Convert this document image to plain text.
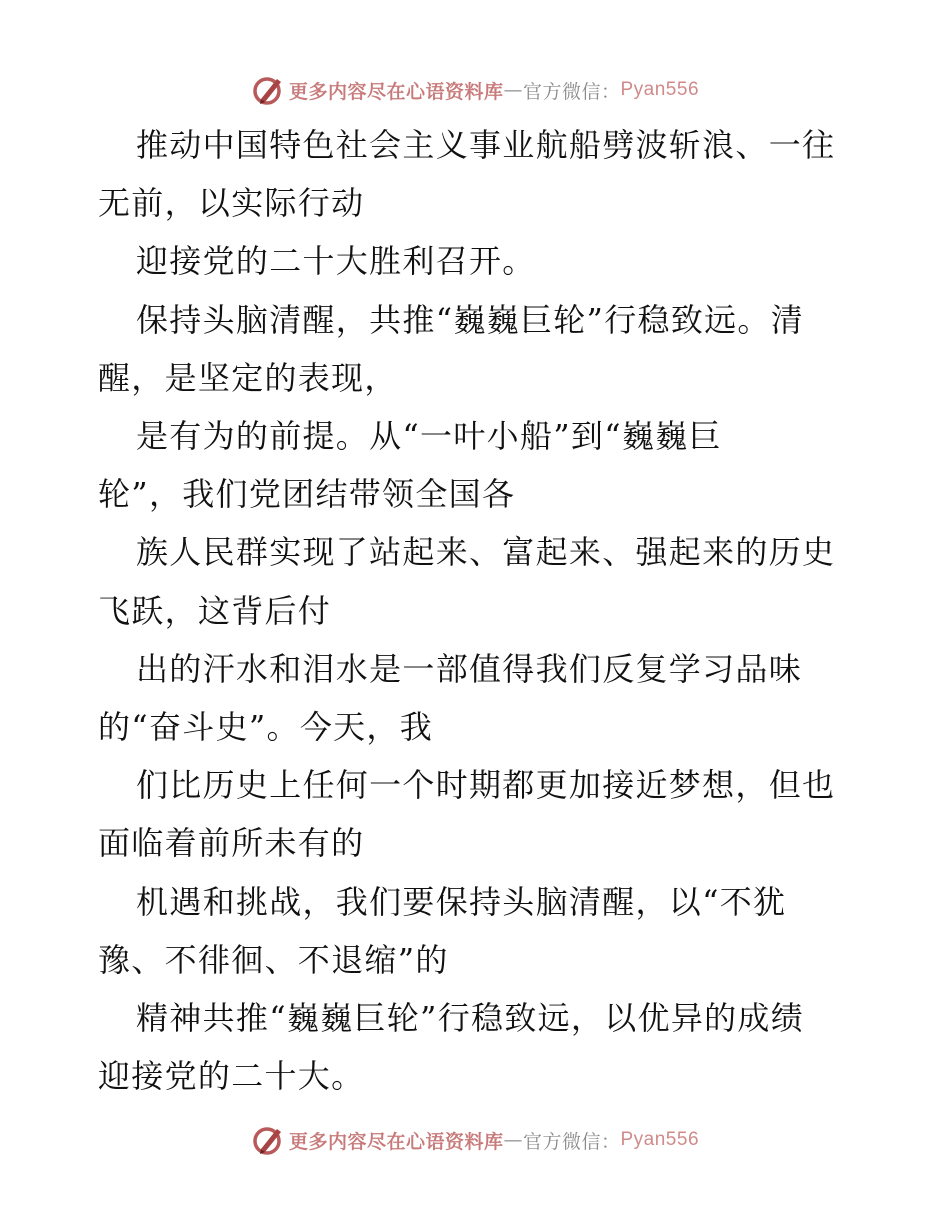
更多内容尽在心语资料库 — 官方微信： Pyan556
推动中国特色社会主义事业航船劈波斩浪、一往
无前，以实际行动
迎接党的二十大胜利召开。
保持头脑清醒，共推“巍巍巨轮”行稳致远。清
醒，是坚定的表现，
是有为的前提。从“一叶小船”到“巍巍巨
轮”，我们党团结带领全国各
族人民群实现了站起来、富起来、强起来的历史
飞跃，这背后付
出的汗水和泪水是一部值得我们反复学习品味
的“奋斗史”。今天，我
们比历史上任何一个时期都更加接近梦想，但也
面临着前所未有的
机遇和挑战，我们要保持头脑清醒，以“不犹
豫、不徘徊、不退缩”的
精神共推“巍巍巨轮”行稳致远，以优异的成绩
迎接党的二十大。
更多内容尽在心语资料库 — 官方微信： Pyan556
